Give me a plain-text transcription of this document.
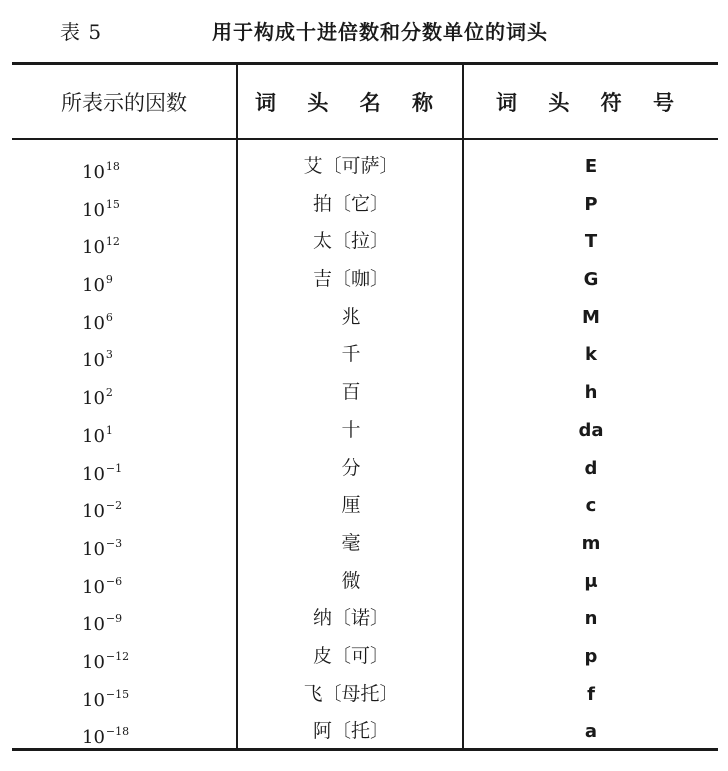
表 5	用于构成十进倍数和分数单位的词头
所表示的因数	词 头 名 称	词 头 符 号
$10^{18}$	艾〔可萨〕	E
$10^{15}$	拍〔它〕	P
$10^{12}$	太〔拉〕	T
$10^9$	吉〔咖〕	G
$10^6$	兆	M
$10^3$	千	k
$10^2$	百	h
$10^1$	十	da
$10^{-1}$	分	d
$10^{-2}$	厘	c
$10^{-3}$	毫	m
$10^{-6}$	微	μ
$10^{-9}$	纳〔诺〕	n
$10^{-12}$	皮〔可〕	p
$10^{-15}$	飞〔母托〕	f
$10^{-18}$	阿〔托〕	a
